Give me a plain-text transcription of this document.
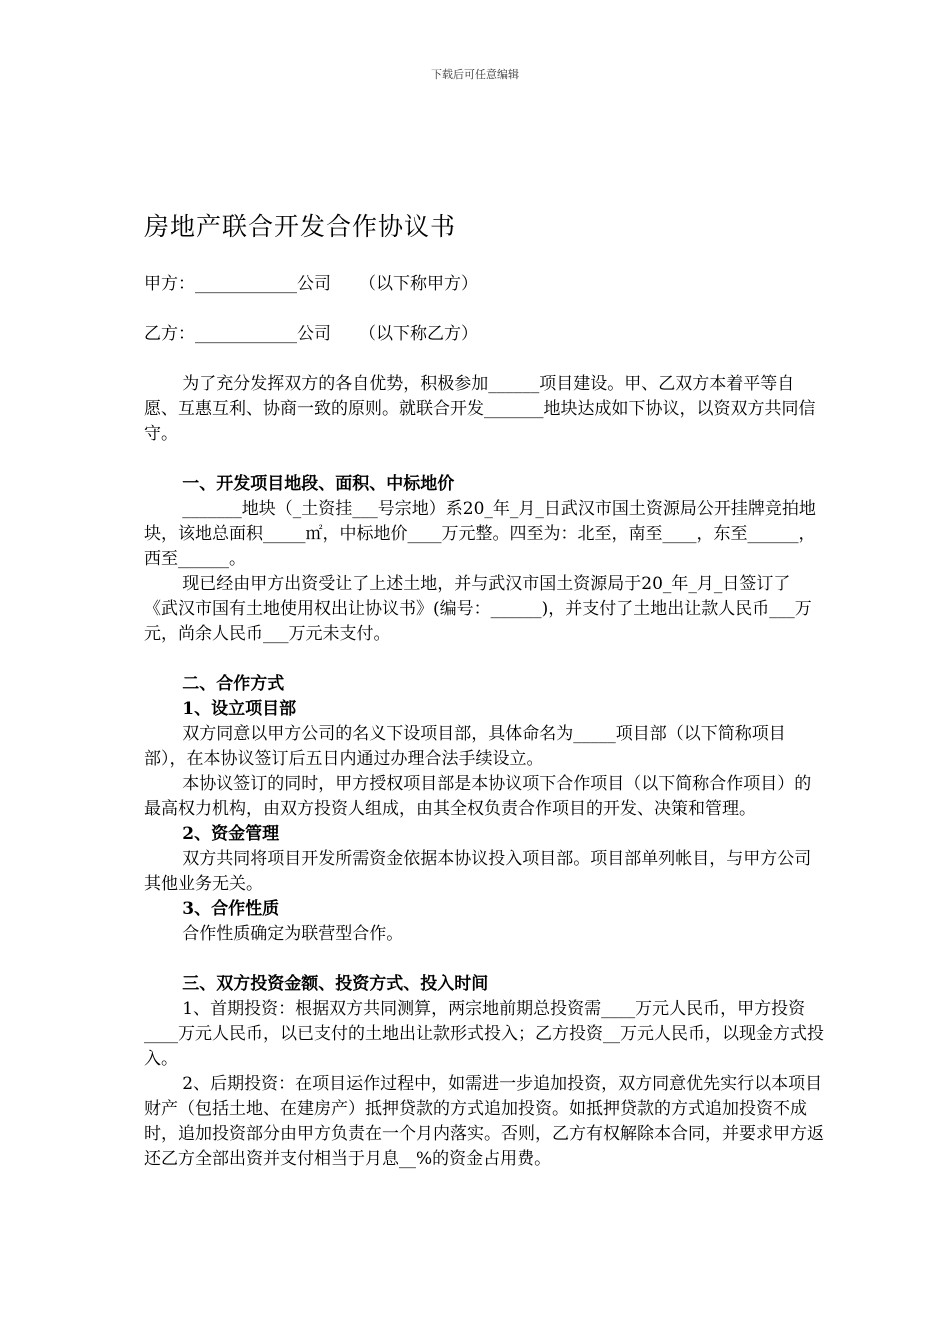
下载后可任意编辑
房地产联合开发合作协议书

甲方：____________公司 （以下称甲方）

乙方：____________公司 （以下称乙方）

为了充分发挥双方的各自优势，积极参加______项目建设。甲、乙双方本着平等自愿、互惠互利、协商一致的原则。就联合开发_______地块达成如下协议，以资双方共同信守。

一、开发项目地段、面积、中标地价

_______地块（_土资挂___号宗地）系20_年_月_日武汉市国土资源局公开挂牌竞拍地块，该地总面积_____㎡，中标地价____万元整。四至为：北至，南至____，东至______，西至______。

现已经由甲方出资受让了上述土地，并与武汉市国土资源局于20_年_月_日签订了《武汉市国有土地使用权出让协议书》(编号：______)，并支付了土地出让款人民币___万元，尚余人民币___万元未支付。

二、合作方式

1、设立项目部

双方同意以甲方公司的名义下设项目部，具体命名为_____项目部（以下简称项目部），在本协议签订后五日内通过办理合法手续设立。

本协议签订的同时，甲方授权项目部是本协议项下合作项目（以下简称合作项目）的最高权力机构，由双方投资人组成，由其全权负责合作项目的开发、决策和管理。

2、资金管理

双方共同将项目开发所需资金依据本协议投入项目部。项目部单列帐目，与甲方公司其他业务无关。

3、合作性质

合作性质确定为联营型合作。

三、双方投资金额、投资方式、投入时间

1、首期投资：根据双方共同测算，两宗地前期总投资需____万元人民币，甲方投资____万元人民币，以已支付的土地出让款形式投入；乙方投资__万元人民币，以现金方式投入。

2、后期投资：在项目运作过程中，如需进一步追加投资，双方同意优先实行以本项目财产（包括土地、在建房产）抵押贷款的方式追加投资。如抵押贷款的方式追加投资不成时，追加投资部分由甲方负责在一个月内落实。否则，乙方有权解除本合同，并要求甲方返还乙方全部出资并支付相当于月息__%的资金占用费。
